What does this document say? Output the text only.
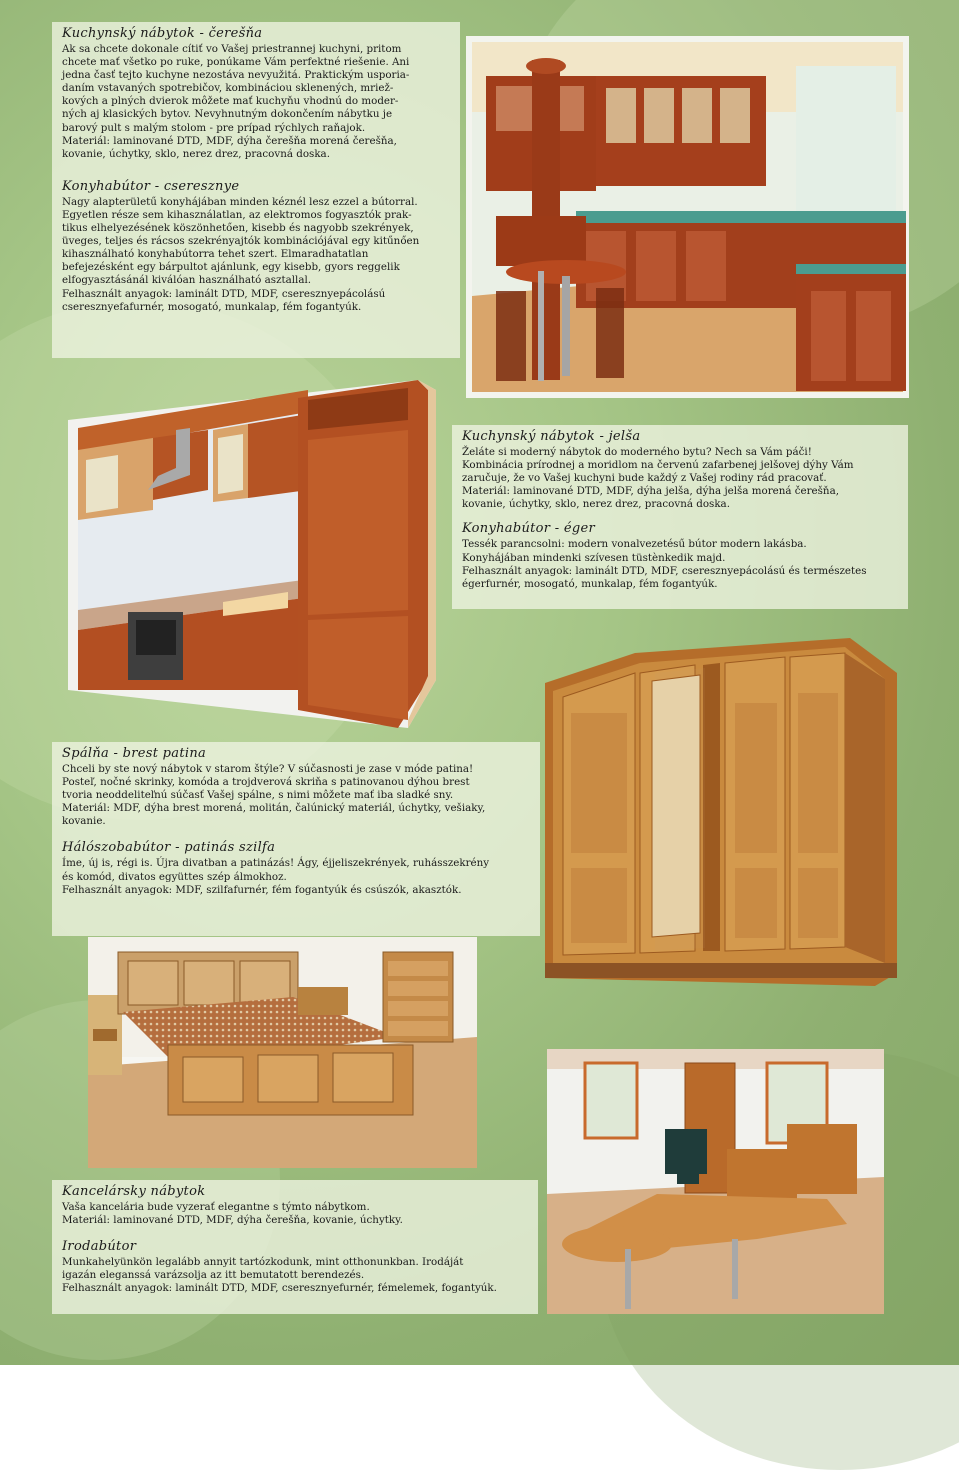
Kuchynský nábytok - čerešňa

Ak sa chcete dokonale cítiť vo Vašej priestrannej kuchyni, pritom
chcete mať všetko po ruke, ponúkame Vám perfektné riešenie. Ani
jedna časť tejto kuchyne nezostáva nevyužitá. Praktickým usporia-
daním vstavaných spotrebičov, kombináciou sklenených, mriež-
kových a plných dvierok môžete mať kuchyňu vhodnú do moder-
ných aj klasických bytov. Nevyhnutným dokončením nábytku je
barový pult s malým stolom - pre prípad rýchlych raňajok.
Materiál: laminované DTD, MDF, dýha čerešňa morená čerešňa,
kovanie, úchytky, sklo, nerez drez, pracovná doska.

Konyhabútor - cseresznye

Nagy alapterületű konyhájában minden kéznél lesz ezzel a bútorral.
Egyetlen része sem kihasználatlan, az elektromos fogyasztók prak-
tikus elhelyezésének köszönhetően, kisebb és nagyobb szekrények,
üveges, teljes és rácsos szekrényajtók kombinációjával egy kitűnően
kihasználható konyhabútorra tehet szert. Elmaradhatatlan
befejezésként egy bárpultot ajánlunk, egy kisebb, gyors reggelik
elfogyasztásánál kiválóan használható asztallal.
Felhasznált anyagok: laminált DTD, MDF, cseresznyepácolású
cseresznyefafurnér, mosogató, munkalap, fém fogantyúk.

Kuchynský nábytok - jelša

Želáte si moderný nábytok do moderného bytu? Nech sa Vám páči!
Kombinácia prírodnej a moridlom na červenú zafarbenej jelšovej dýhy Vám
zaručuje, že vo Vašej kuchyni bude každý z Vašej rodiny rád pracovať.
Materiál: laminované DTD, MDF, dýha jelša, dýha jelša morená čerešňa,
kovanie, úchytky, sklo, nerez drez, pracovná doska.

Konyhabútor - éger

Tessék parancsolni: modern vonalvezetésű bútor modern lakásba.
Konyhájában mindenki szívesen tüstènkedik majd.
Felhasznált anyagok: laminált DTD, MDF, cseresznyepácolású és természetes
égerfurnér, mosogató, munkalap, fém fogantyúk.

Spálňa - brest patina

Chceli by ste nový nábytok v starom štýle? V súčasnosti je zase v móde patina!
Posteľ, nočné skrinky, komóda a trojdverová skriňa s patinovanou dýhou brest
tvoria neoddeliteľnú súčasť Vašej spálne, s nimi môžete mať iba sladké sny.
Materiál: MDF, dýha brest morená, molitán, čalúnický materiál, úchytky, vešiaky,
kovanie.

Hálószobabútor - patinás szilfa

Íme, új is, régi is. Újra divatban a patinázás! Ágy, éjjeliszekrények, ruhásszekrény
és komód, divatos együttes szép álmokhoz.
Felhasznált anyagok: MDF, szilfafurnér, fém fogantyúk és csúszók, akasztók.

Kancelársky nábytok

Vaša kancelária bude vyzerať elegantne s týmto nábytkom.
Materiál: laminované DTD, MDF, dýha čerešňa, kovanie, úchytky.

Irodabútor

Munkahelyünkön legalább annyit tartózkodunk, mint otthonunkban. Irodáját
igazán eleganssá varázsolja az itt bemutatott berendezés.
Felhasznált anyagok: laminált DTD, MDF, cseresznyefurnér, fémelemek, fogantyúk.
